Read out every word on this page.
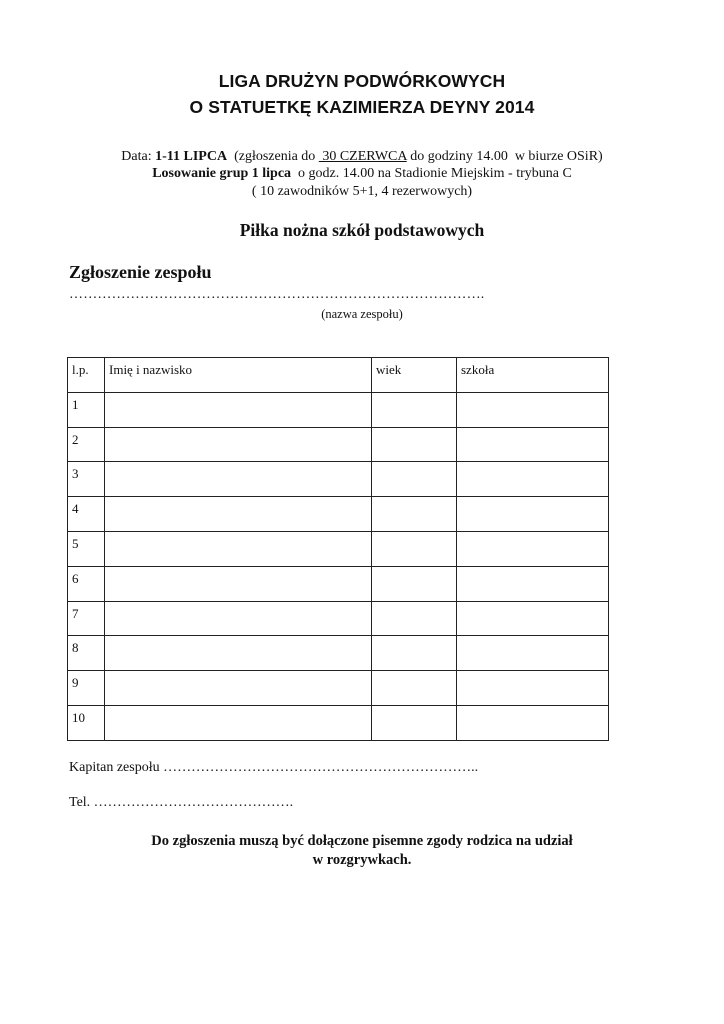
LIGA DRUŻYN PODWÓRKOWYCH
O STATUETKĘ KAZIMIERZA DEYNY 2014
Data: 1-11 LIPCA  (zgłoszenia do  30 CZERWCA do godziny 14.00  w biurze OSiR)
Losowanie grup 1 lipca  o godz. 14.00 na Stadionie Miejskim - trybuna C
( 10 zawodników 5+1, 4 rezerwowych)
Piłka nożna szkół podstawowych
Zgłoszenie zespołu
…………………………………………………………………………….
(nazwa zespołu)
l.p.	Imię i nazwisko	wiek	szkoła
1			
2			
3			
4			
5			
6			
7			
8			
9			
10			
Kapitan zespołu …………………………………………………………..
Tel. …………………………………….
Do zgłoszenia muszą być dołączone pisemne zgody rodzica na udział
w rozgrywkach.
